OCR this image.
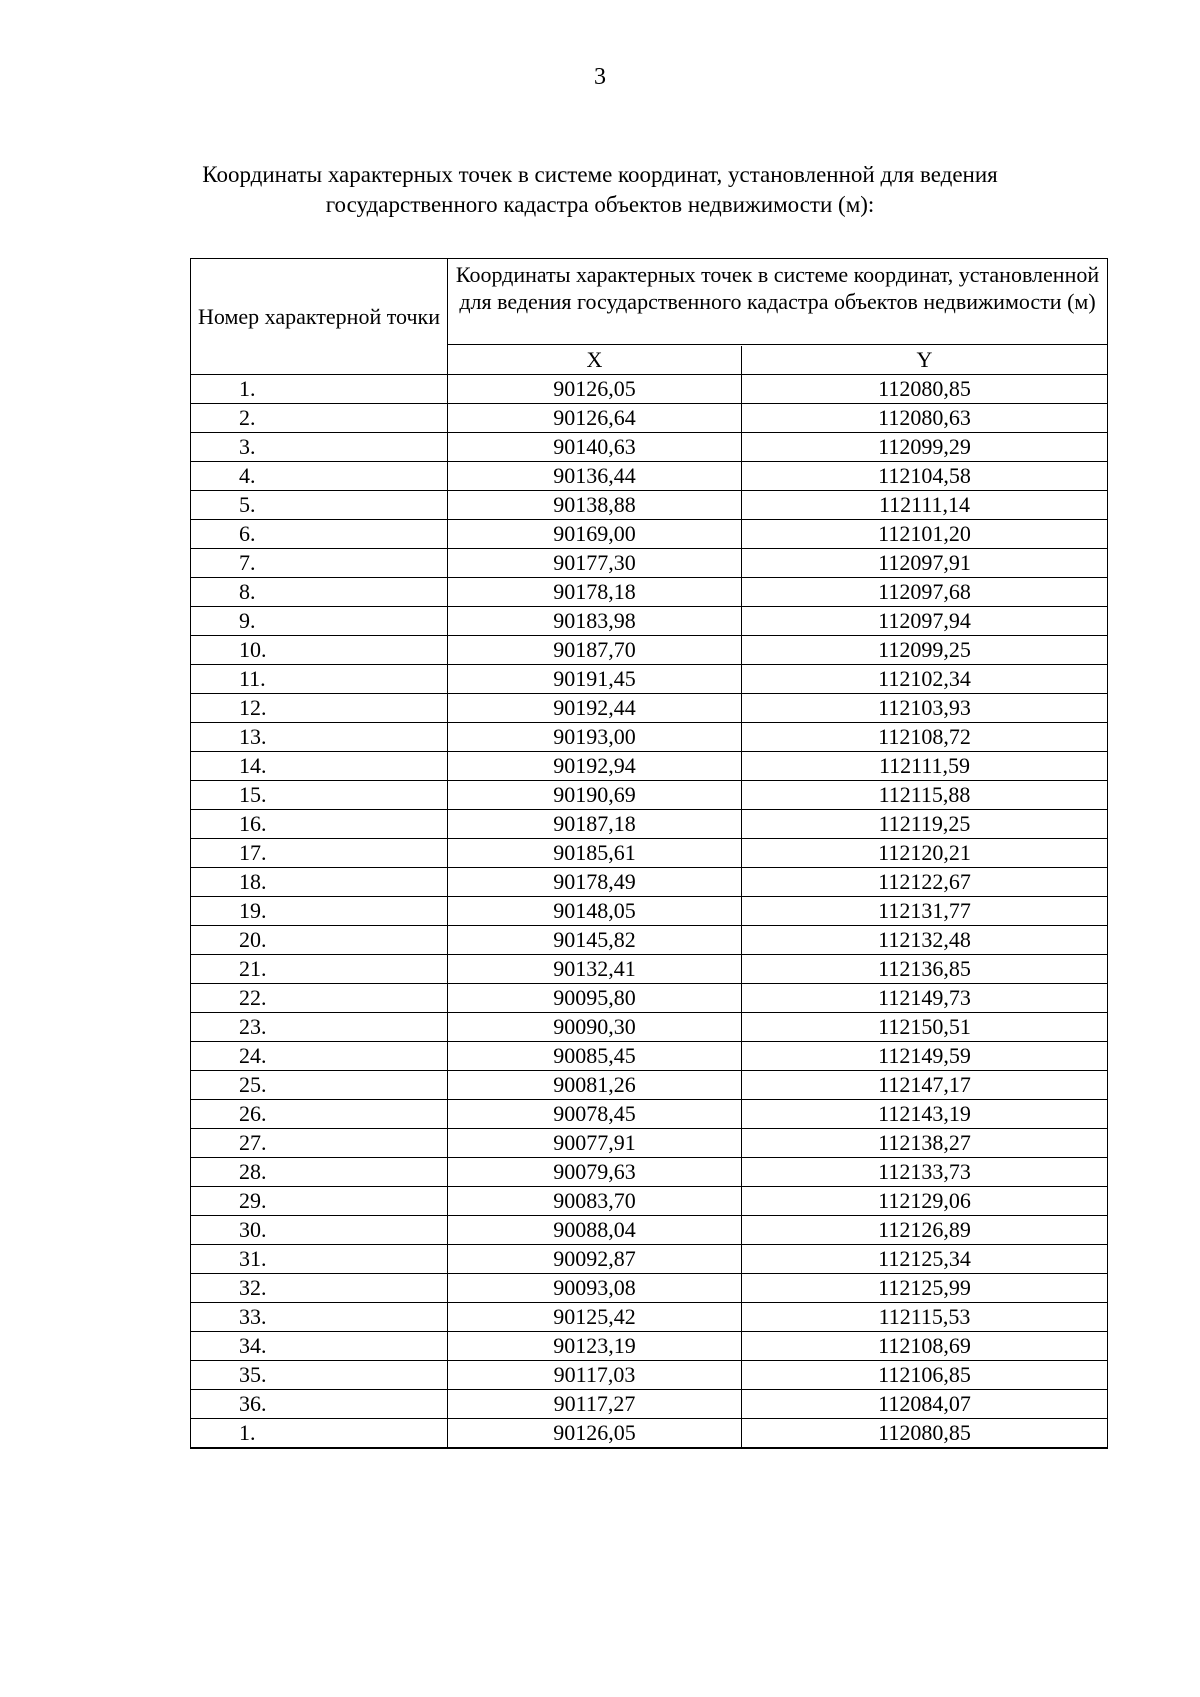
3
Координаты характерных точек в системе координат, установленной для ведения государственного кадастра объектов недвижимости (м):
Номер характерной точки
Координаты характерных точек в системе координат, установленной для ведения государственного кадастра объектов недвижимости (м)
X	Y
1.	90126,05	112080,85
2.	90126,64	112080,63
3.	90140,63	112099,29
4.	90136,44	112104,58
5.	90138,88	112111,14
6.	90169,00	112101,20
7.	90177,30	112097,91
8.	90178,18	112097,68
9.	90183,98	112097,94
10.	90187,70	112099,25
11.	90191,45	112102,34
12.	90192,44	112103,93
13.	90193,00	112108,72
14.	90192,94	112111,59
15.	90190,69	112115,88
16.	90187,18	112119,25
17.	90185,61	112120,21
18.	90178,49	112122,67
19.	90148,05	112131,77
20.	90145,82	112132,48
21.	90132,41	112136,85
22.	90095,80	112149,73
23.	90090,30	112150,51
24.	90085,45	112149,59
25.	90081,26	112147,17
26.	90078,45	112143,19
27.	90077,91	112138,27
28.	90079,63	112133,73
29.	90083,70	112129,06
30.	90088,04	112126,89
31.	90092,87	112125,34
32.	90093,08	112125,99
33.	90125,42	112115,53
34.	90123,19	112108,69
35.	90117,03	112106,85
36.	90117,27	112084,07
1.	90126,05	112080,85
